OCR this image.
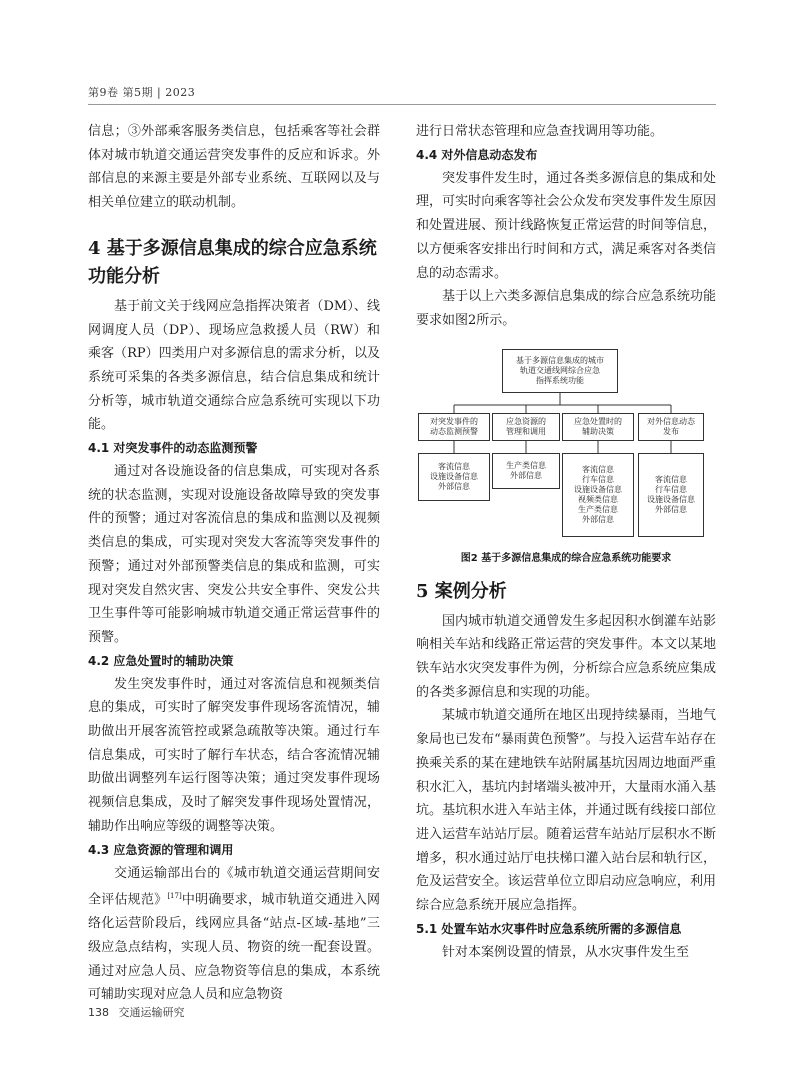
第9卷 第5期 | 2023

信息；③外部乘客服务类信息，包括乘客等社会群体对城市轨道交通运营突发事件的反应和诉求。外部信息的来源主要是外部专业系统、互联网以及与相关单位建立的联动机制。

4 基于多源信息集成的综合应急系统功能分析

基于前文关于线网应急指挥决策者（DM）、线网调度人员（DP）、现场应急救援人员（RW）和乘客（RP）四类用户对多源信息的需求分析，以及系统可采集的各类多源信息，结合信息集成和统计分析等，城市轨道交通综合应急系统可实现以下功能。

4.1 对突发事件的动态监测预警

通过对各设施设备的信息集成，可实现对各系统的状态监测，实现对设施设备故障导致的突发事件的预警；通过对客流信息的集成和监测以及视频类信息的集成，可实现对突发大客流等突发事件的预警；通过对外部预警类信息的集成和监测，可实现对突发自然灾害、突发公共安全事件、突发公共卫生事件等可能影响城市轨道交通正常运营事件的预警。

4.2 应急处置时的辅助决策

发生突发事件时，通过对客流信息和视频类信息的集成，可实时了解突发事件现场客流情况，辅助做出开展客流管控或紧急疏散等决策。通过行车信息集成，可实时了解行车状态，结合客流情况辅助做出调整列车运行图等决策；通过突发事件现场视频信息集成，及时了解突发事件现场处置情况，辅助作出响应等级的调整等决策。

4.3 应急资源的管理和调用

交通运输部出台的《城市轨道交通运营期间安全评估规范》[17]中明确要求，城市轨道交通进入网络化运营阶段后，线网应具备“站点-区域-基地”三级应急点结构，实现人员、物资的统一配套设置。通过对应急人员、应急物资等信息的集成，本系统可辅助实现对应急人员和应急物资

进行日常状态管理和应急查找调用等功能。

4.4 对外信息动态发布

突发事件发生时，通过各类多源信息的集成和处理，可实时向乘客等社会公众发布突发事件发生原因和处置进展、预计线路恢复正常运营的时间等信息，以方便乘客安排出行时间和方式，满足乘客对各类信息的动态需求。

基于以上六类多源信息集成的综合应急系统功能要求如图2所示。

基于多源信息集成的城市
轨道交通线网综合应急
指挥系统功能
对突发事件的
动态监测预警
应急资源的
管理和调用
应急处置时的
辅助决策
对外信息动态
发布
客流信息
设施设备信息
外部信息
生产类信息
外部信息
客流信息
行车信息
设施设备信息
视频类信息
生产类信息
外部信息
客流信息
行车信息
设施设备信息
外部信息
图2 基于多源信息集成的综合应急系统功能要求
5 案例分析

国内城市轨道交通曾发生多起因积水倒灌车站影响相关车站和线路正常运营的突发事件。本文以某地铁车站水灾突发事件为例，分析综合应急系统应集成的各类多源信息和实现的功能。

某城市轨道交通所在地区出现持续暴雨，当地气象局也已发布“暴雨黄色预警”。与投入运营车站存在换乘关系的某在建地铁车站附属基坑因周边地面严重积水汇入，基坑内封堵端头被冲开，大量雨水涌入基坑。基坑积水进入车站主体，并通过既有线接口部位进入运营车站站厅层。随着运营车站站厅层积水不断增多，积水通过站厅电扶梯口灌入站台层和轨行区，危及运营安全。该运营单位立即启动应急响应，利用综合应急系统开展应急指挥。

5.1 处置车站水灾事件时应急系统所需的多源信息

针对本案例设置的情景，从水灾事件发生至

138 交通运输研究
